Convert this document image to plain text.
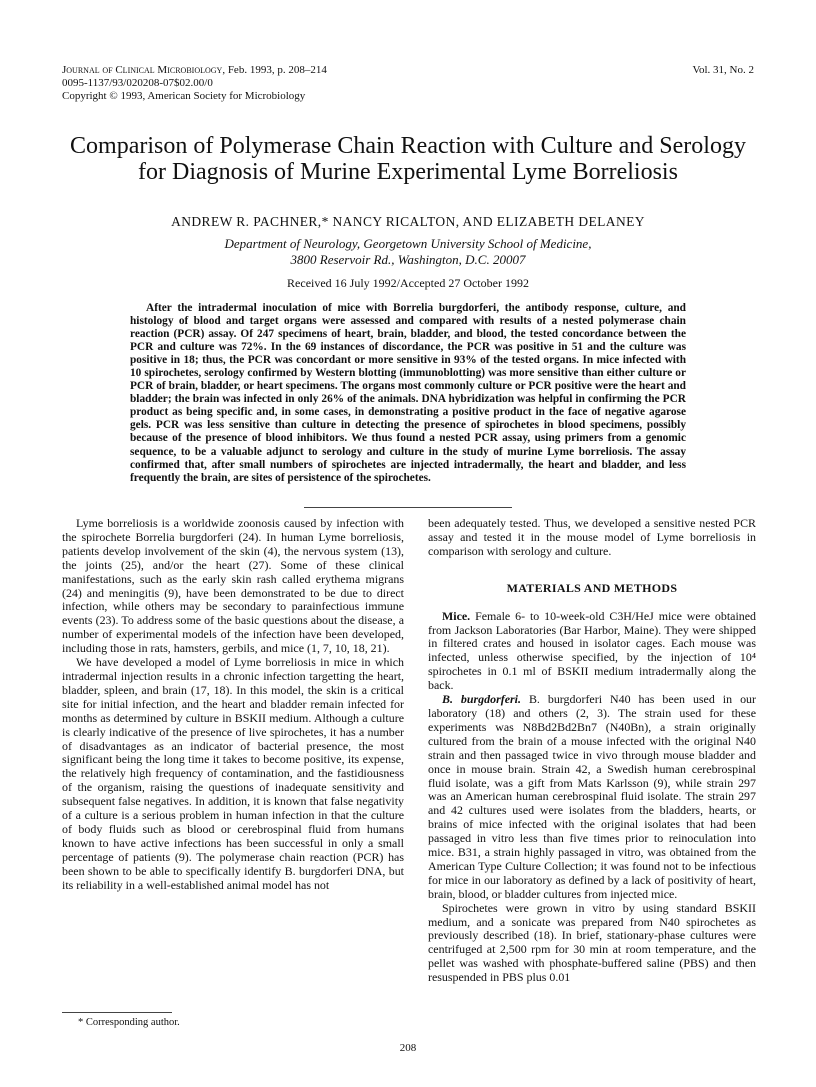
Journal of Clinical Microbiology, Feb. 1993, p. 208–214
0095-1137/93/020208-07$02.00/0
Copyright © 1993, American Society for Microbiology
Vol. 31, No. 2
Comparison of Polymerase Chain Reaction with Culture and Serology for Diagnosis of Murine Experimental Lyme Borreliosis
ANDREW R. PACHNER,* NANCY RICALTON, AND ELIZABETH DELANEY
Department of Neurology, Georgetown University School of Medicine,
3800 Reservoir Rd., Washington, D.C. 20007
Received 16 July 1992/Accepted 27 October 1992

After the intradermal inoculation of mice with Borrelia burgdorferi, the antibody response, culture, and histology of blood and target organs were assessed and compared with results of a nested polymerase chain reaction (PCR) assay. Of 247 specimens of heart, brain, bladder, and blood, the tested concordance between the PCR and culture was 72%. In the 69 instances of discordance, the PCR was positive in 51 and the culture was positive in 18; thus, the PCR was concordant or more sensitive in 93% of the tested organs. In mice infected with 10 spirochetes, serology confirmed by Western blotting (immunoblotting) was more sensitive than either culture or PCR of brain, bladder, or heart specimens. The organs most commonly culture or PCR positive were the heart and bladder; the brain was infected in only 26% of the animals. DNA hybridization was helpful in confirming the PCR product as being specific and, in some cases, in demonstrating a positive product in the face of negative agarose gels. PCR was less sensitive than culture in detecting the presence of spirochetes in blood specimens, possibly because of the presence of blood inhibitors. We thus found a nested PCR assay, using primers from a genomic sequence, to be a valuable adjunct to serology and culture in the study of murine Lyme borreliosis. The assay confirmed that, after small numbers of spirochetes are injected intradermally, the heart and bladder, and less frequently the brain, are sites of persistence of the spirochetes.

Lyme borreliosis is a worldwide zoonosis caused by infection with the spirochete Borrelia burgdorferi (24). In human Lyme borreliosis, patients develop involvement of the skin (4), the nervous system (13), the joints (25), and/or the heart (27). Some of these clinical manifestations, such as the early skin rash called erythema migrans (24) and meningitis (9), have been demonstrated to be due to direct infection, while others may be secondary to parainfectious immune events (23). To address some of the basic questions about the disease, a number of experimental models of the infection have been developed, including those in rats, hamsters, gerbils, and mice (1, 7, 10, 18, 21).

We have developed a model of Lyme borreliosis in mice in which intradermal injection results in a chronic infection targetting the heart, bladder, spleen, and brain (17, 18). In this model, the skin is a critical site for initial infection, and the heart and bladder remain infected for months as determined by culture in BSKII medium. Although a culture is clearly indicative of the presence of live spirochetes, it has a number of disadvantages as an indicator of bacterial presence, the most significant being the long time it takes to become positive, its expense, the relatively high frequency of contamination, and the fastidiousness of the organism, raising the questions of inadequate sensitivity and subsequent false negatives. In addition, it is known that false negativity of a culture is a serious problem in human infection in that the culture of body fluids such as blood or cerebrospinal fluid from humans known to have active infections has been successful in only a small percentage of patients (9). The polymerase chain reaction (PCR) has been shown to be able to specifically identify B. burgdorferi DNA, but its reliability in a well-established animal model has not

been adequately tested. Thus, we developed a sensitive nested PCR assay and tested it in the mouse model of Lyme borreliosis in comparison with serology and culture.

MATERIALS AND METHODS

Mice. Female 6- to 10-week-old C3H/HeJ mice were obtained from Jackson Laboratories (Bar Harbor, Maine). They were shipped in filtered crates and housed in isolator cages. Each mouse was infected, unless otherwise specified, by the injection of 10⁴ spirochetes in 0.1 ml of BSKII medium intradermally along the back.

B. burgdorferi. B. burgdorferi N40 has been used in our laboratory (18) and others (2, 3). The strain used for these experiments was N8Bd2Bd2Bn7 (N40Bn), a strain originally cultured from the brain of a mouse infected with the original N40 strain and then passaged twice in vivo through mouse bladder and once in mouse brain. Strain 42, a Swedish human cerebrospinal fluid isolate, was a gift from Mats Karlsson (9), while strain 297 was an American human cerebrospinal fluid isolate. The strain 297 and 42 cultures used were isolates from the bladders, hearts, or brains of mice infected with the original isolates that had been passaged in vitro less than five times prior to reinoculation into mice. B31, a strain highly passaged in vitro, was obtained from the American Type Culture Collection; it was found not to be infectious for mice in our laboratory as defined by a lack of positivity of heart, brain, blood, or bladder cultures from injected mice.

Spirochetes were grown in vitro by using standard BSKII medium, and a sonicate was prepared from N40 spirochetes as previously described (18). In brief, stationary-phase cultures were centrifuged at 2,500 rpm for 30 min at room temperature, and the pellet was washed with phosphate-buffered saline (PBS) and then resuspended in PBS plus 0.01

* Corresponding author.
208
